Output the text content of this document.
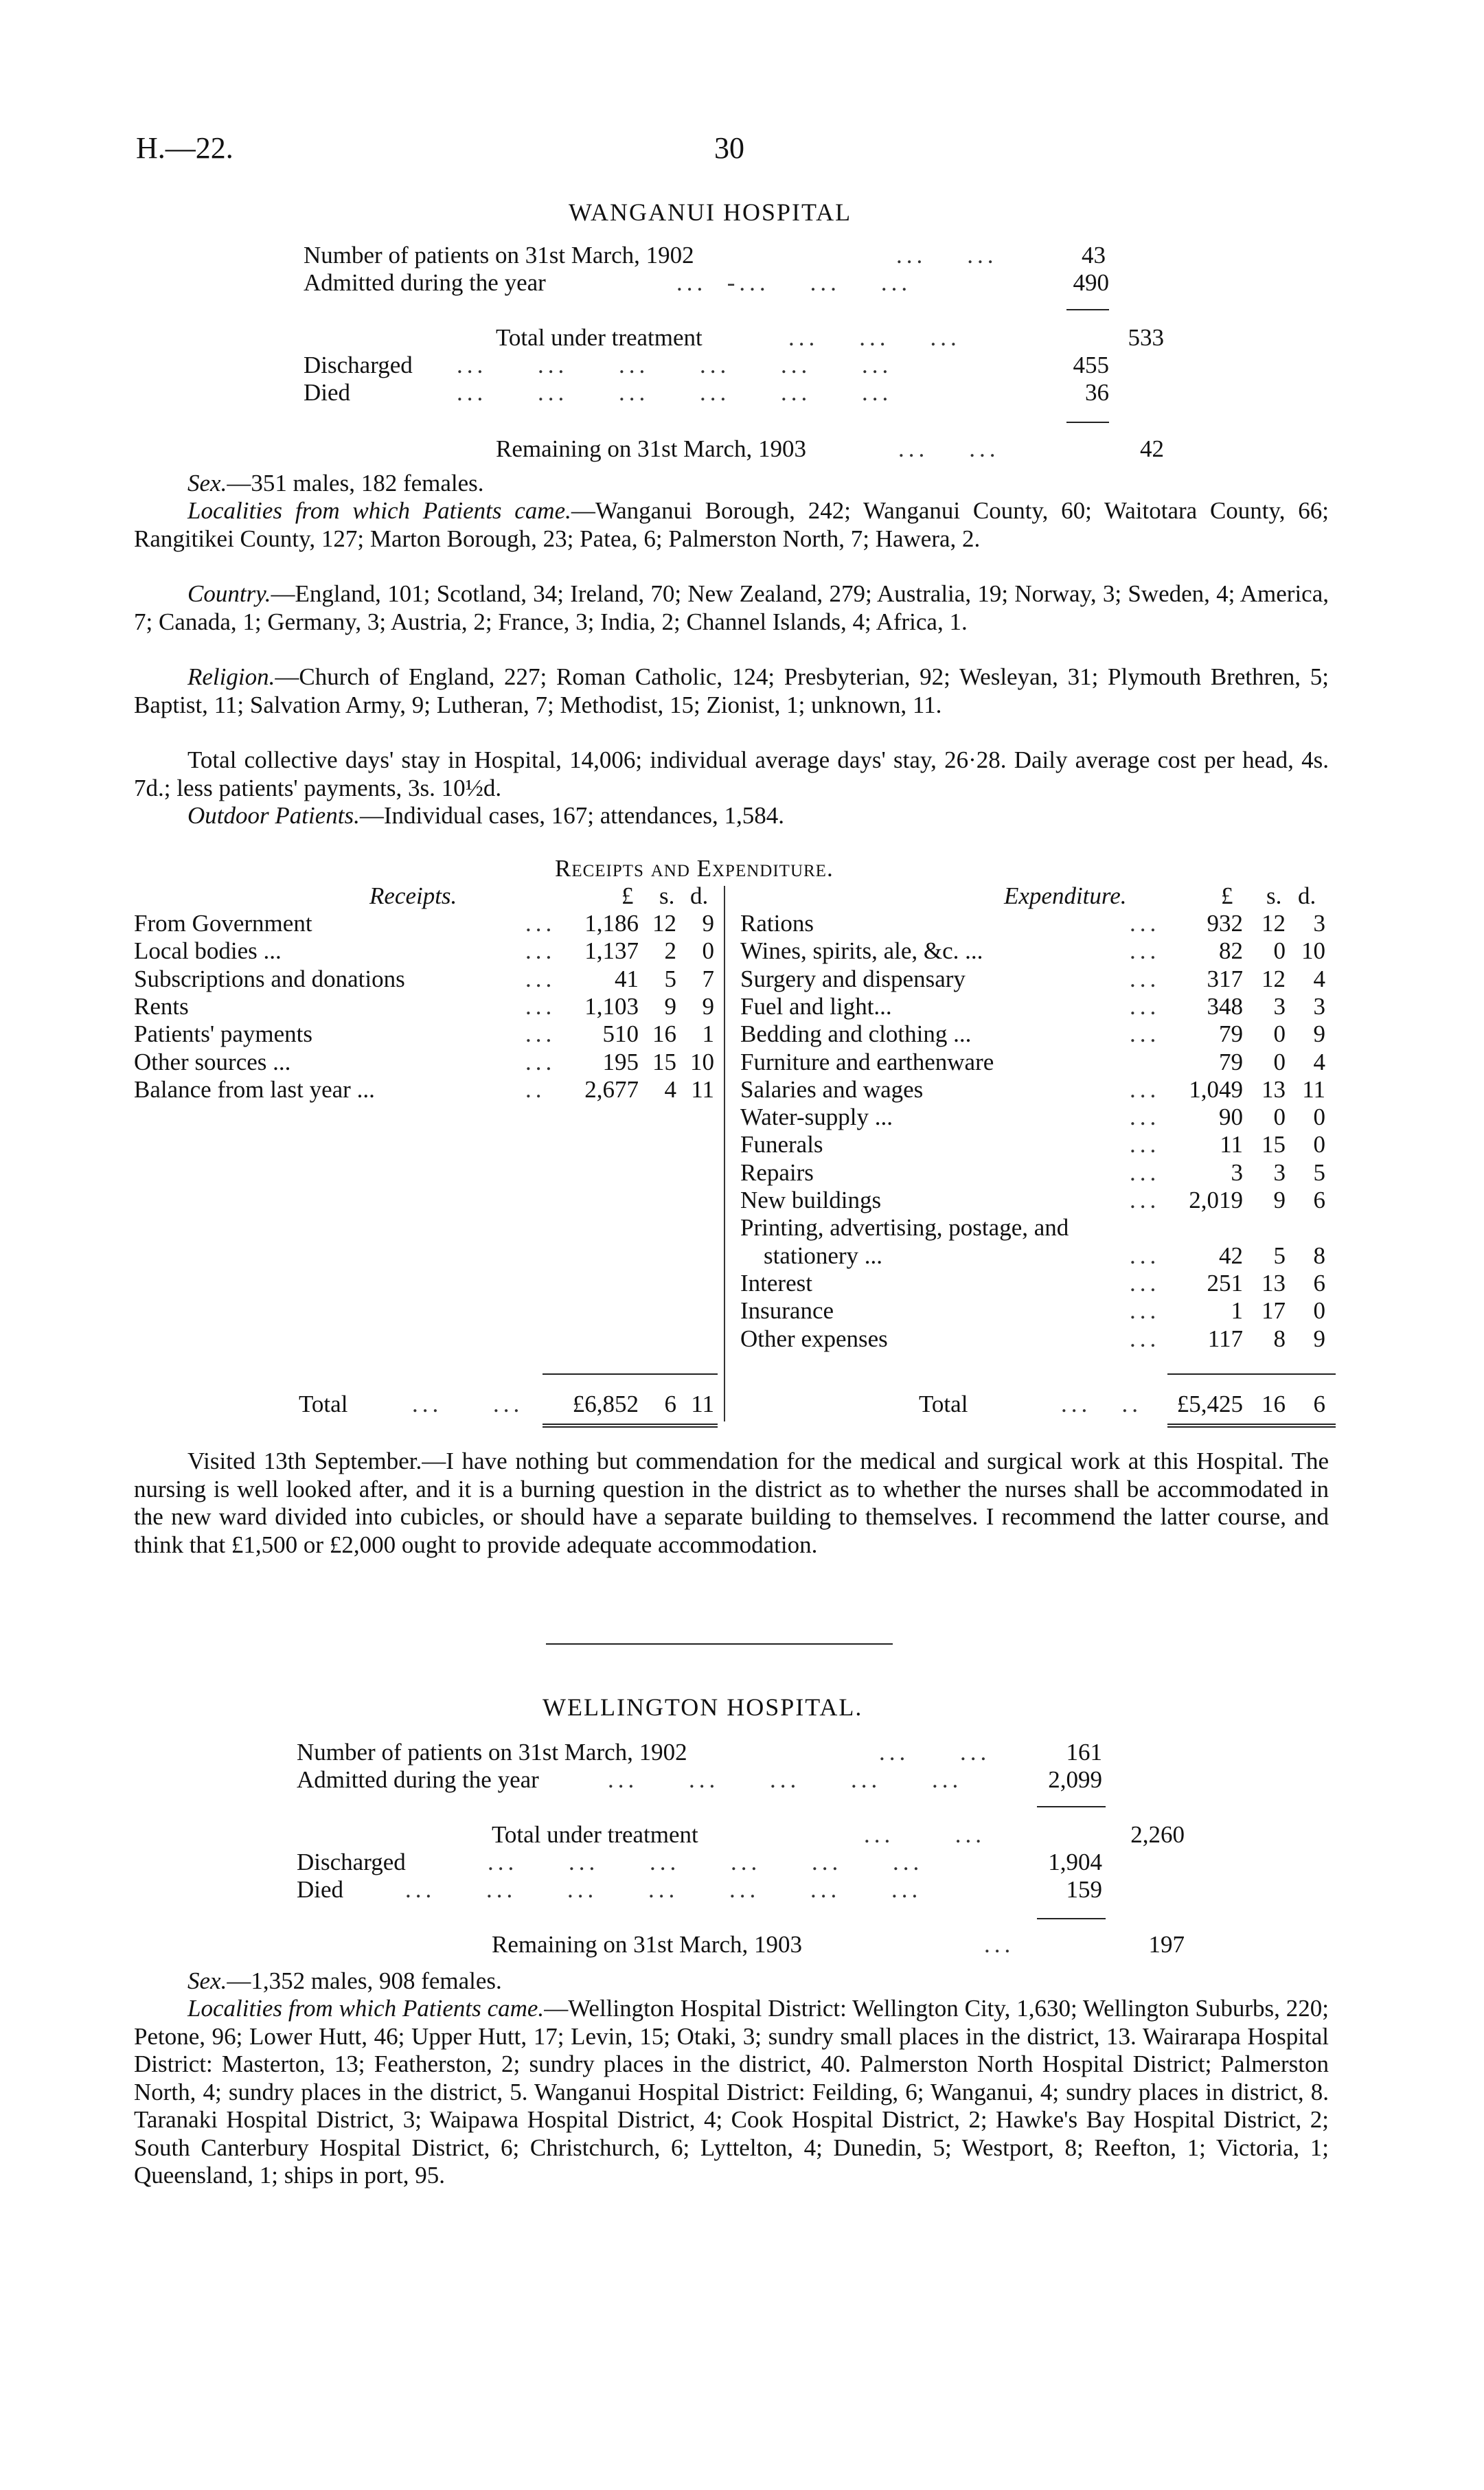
H.—22.	30
WANGANUI HOSPITAL
Number of patients on 31st March, 1902	...    ...	43
Admitted during the year	...  -...    ...    ...	490
Total under treatment	...    ...    ...	533
Discharged ...     ...     ...     ...     ...     ...	455
Died	...     ...     ...     ...     ...     ...	36
Remaining on 31st March, 1903	...    ...	42
Sex.—351 males, 182 females.
Localities from which Patients came.—Wanganui Borough, 242; Wanganui County, 60; Waitotara County, 66; Rangitikei County, 127; Marton Borough, 23; Patea, 6; Palmerston North, 7; Hawera, 2.
Country.—England, 101; Scotland, 34; Ireland, 70; New Zealand, 279; Australia, 19; Norway, 3; Sweden, 4; America, 7; Canada, 1; Germany, 3; Austria, 2; France, 3; India, 2; Channel Islands, 4; Africa, 1.
Religion.—Church of England, 227; Roman Catholic, 124; Presbyterian, 92; Wesleyan, 31; Plymouth Brethren, 5; Baptist, 11; Salvation Army, 9; Lutheran, 7; Methodist, 15; Zionist, 1; unknown, 11.
Total collective days' stay in Hospital, 14,006; individual average days' stay, 26·28. Daily average cost per head, 4s. 7d.; less patients' payments, 3s. 10½d.
Outdoor Patients.—Individual cases, 167; attendances, 1,584.
Receipts and Expenditure.
Receipts.	£ s. d.	Expenditure.	£ s. d.
From Government	...	1,186 12	9
Local bodies ...	...	1,137	2	0
Subscriptions and donations	...	41	5	7
Rents	...	1,103	9	9
Patients' payments	...	510 16	1
Other sources ...	...	195 15 10
Balance from last year ...	..	2,677	4 11
Rations	...	932 12	3
Wines, spirits, ale, &c. ...	...	82	0 10
Surgery and dispensary	...	317 12	4
Fuel and light...	...	348	3	3
Bedding and clothing ...	...	79	0	9
Furniture and earthenware	79	0	4
Salaries and wages	...	1,049 13 11
Water-supply ...	...	90	0	0
Funerals	...	11 15	0
Repairs	...	3	3	5
New buildings	...	2,019	9	6
Printing, advertising, postage, and
stationery ...	...	42	5	8
Interest	...	251 13	6
Insurance	...	1 17	0
Other expenses	...	117	8	9
Total	...     ...	£6,852	6 11	Total	...   ..	£5,425 16	6
Visited 13th September.—I have nothing but commendation for the medical and surgical work at this Hospital. The nursing is well looked after, and it is a burning question in the district as to whether the nurses shall be accommodated in the new ward divided into cubicles, or should have a separate building to themselves. I recommend the latter course, and think that £1,500 or £2,000 ought to provide adequate accommodation.
WELLINGTON HOSPITAL.
Number of patients on 31st March, 1902	...     ...	161
Admitted during the year	...     ...     ...     ...     ...	2,099
Total under treatment	...      ...	2,260
Discharged	...     ...     ...     ...     ...     ...	1,904
Died	...     ...     ...     ...     ...     ...     ...	159
Remaining on 31st March, 1903	...	197
Sex.—1,352 males, 908 females.
Localities from which Patients came.—Wellington Hospital District: Wellington City, 1,630; Wellington Suburbs, 220; Petone, 96; Lower Hutt, 46; Upper Hutt, 17; Levin, 15; Otaki, 3; sundry small places in the district, 13. Wairarapa Hospital District: Masterton, 13; Featherston, 2; sundry places in the district, 40. Palmerston North Hospital District; Palmerston North, 4; sundry places in the district, 5. Wanganui Hospital District: Feilding, 6; Wanganui, 4; sundry places in district, 8. Taranaki Hospital District, 3; Waipawa Hospital District, 4; Cook Hospital District, 2; Hawke's Bay Hospital District, 2; South Canterbury Hospital District, 6; Christchurch, 6; Lyttelton, 4; Dunedin, 5; Westport, 8; Reefton, 1; Victoria, 1; Queensland, 1; ships in port, 95.
